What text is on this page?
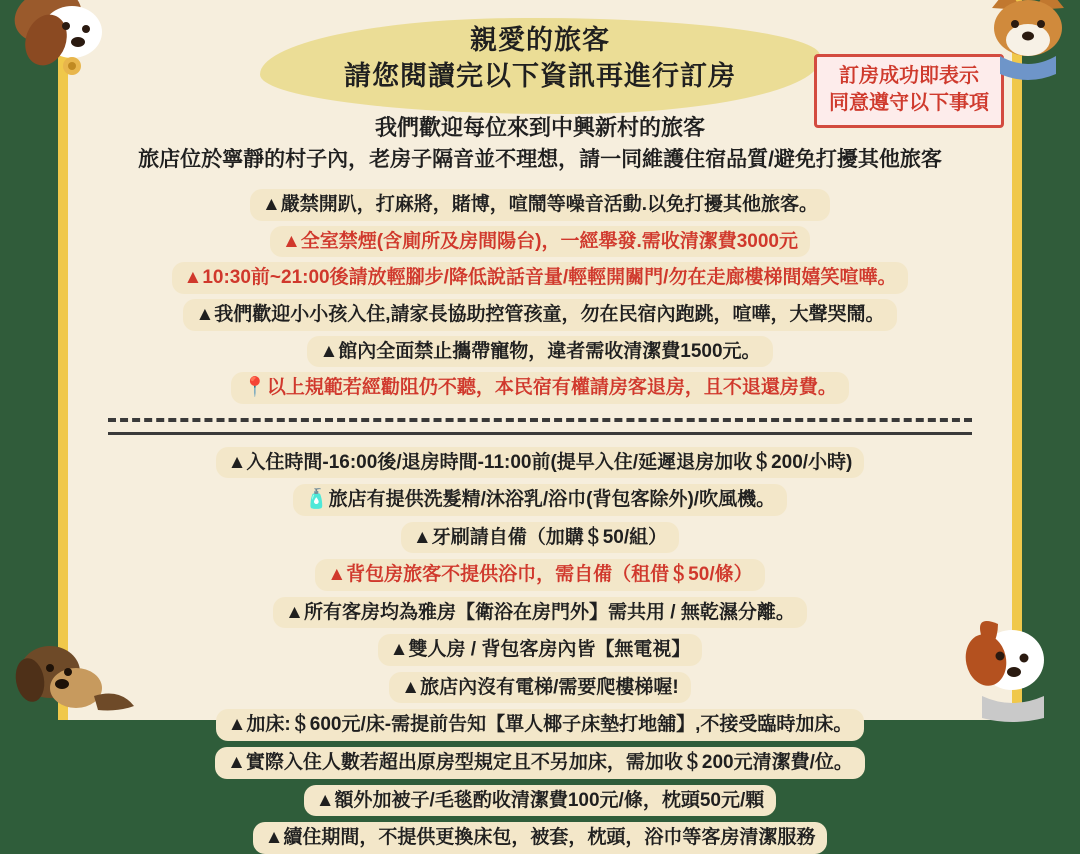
親愛的旅客
請您閱讀完以下資訊再進行訂房	訂房成功即表示
同意遵守以下事項
我們歡迎每位來到中興新村的旅客
旅店位於寧靜的村子內，老房子隔音並不理想，請一同維護住宿品質/避免打擾其他旅客
▲嚴禁開趴，打麻將，賭博，喧鬧等噪音活動.以免打擾其他旅客。
▲全室禁煙(含廁所及房間陽台)，一經舉發.需收清潔費3000元
▲10:30前~21:00後請放輕腳步/降低說話音量/輕輕開關門/勿在走廊樓梯間嬉笑喧嘩。
▲我們歡迎小小孩入住,請家長協助控管孩童，勿在民宿內跑跳，喧嘩，大聲哭鬧。
▲館內全面禁止攜帶寵物，違者需收清潔費1500元。
📍以上規範若經勸阻仍不聽，本民宿有權請房客退房，且不退還房費。
▲入住時間-16:00後/退房時間-11:00前(提早入住/延遲退房加收＄200/小時)
🧴旅店有提供洗髮精/沐浴乳/浴巾(背包客除外)/吹風機。
▲牙刷請自備（加購＄50/組）
▲背包房旅客不提供浴巾，需自備（租借＄50/條）
▲所有客房均為雅房【衛浴在房門外】需共用 / 無乾濕分離。
▲雙人房 / 背包客房內皆【無電視】
▲旅店內沒有電梯/需要爬樓梯喔!
▲加床:＄600元/床-需提前告知【單人椰子床墊打地舖】,不接受臨時加床。
▲實際入住人數若超出原房型規定且不另加床，需加收＄200元清潔費/位。
▲額外加被子/毛毯酌收清潔費100元/條，枕頭50元/顆
▲續住期間，不提供更換床包，被套，枕頭，浴巾等客房清潔服務
